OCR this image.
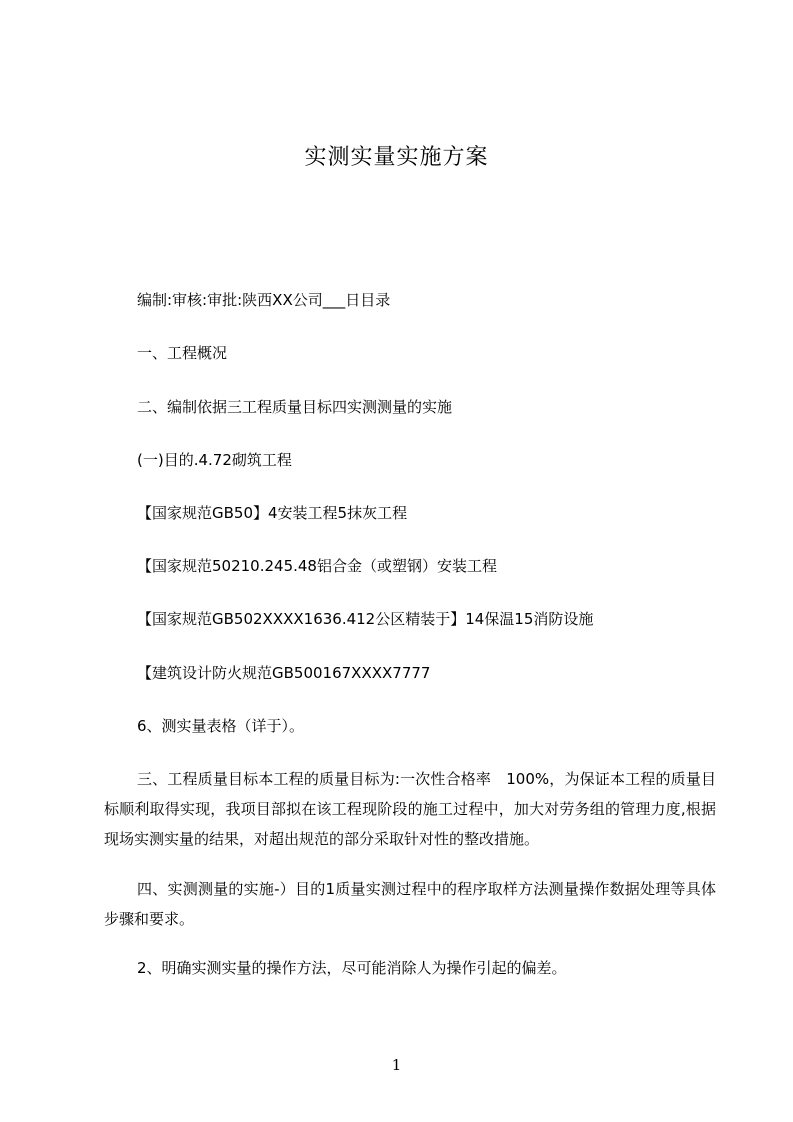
实测实量实施方案
编制:审核:审批:陕西XX公司___日目录
一、工程概况
二、编制依据三工程质量目标四实测测量的实施
(一)目的.4.72砌筑工程
【国家规范GB50】4安装工程5抹灰工程
【国家规范50210.245.48铝合金（或塑钢）安装工程
【国家规范GB502XXXX1636.412公区精装于】14保温15消防设施
【建筑设计防火规范GB500167XXXX7777
6、测实量表格（详于）。
三、工程质量目标本工程的质量目标为:一次性合格率　100%，为保证本工程的质量目标顺利取得实现，我项目部拟在该工程现阶段的施工过程中，加大对劳务组的管理力度,根据现场实测实量的结果，对超出规范的部分采取针对性的整改措施。
四、实测测量的实施-）目的1质量实测过程中的程序取样方法测量操作数据处理等具体步骤和要求。
2、明确实测实量的操作方法，尽可能消除人为操作引起的偏差。
1
